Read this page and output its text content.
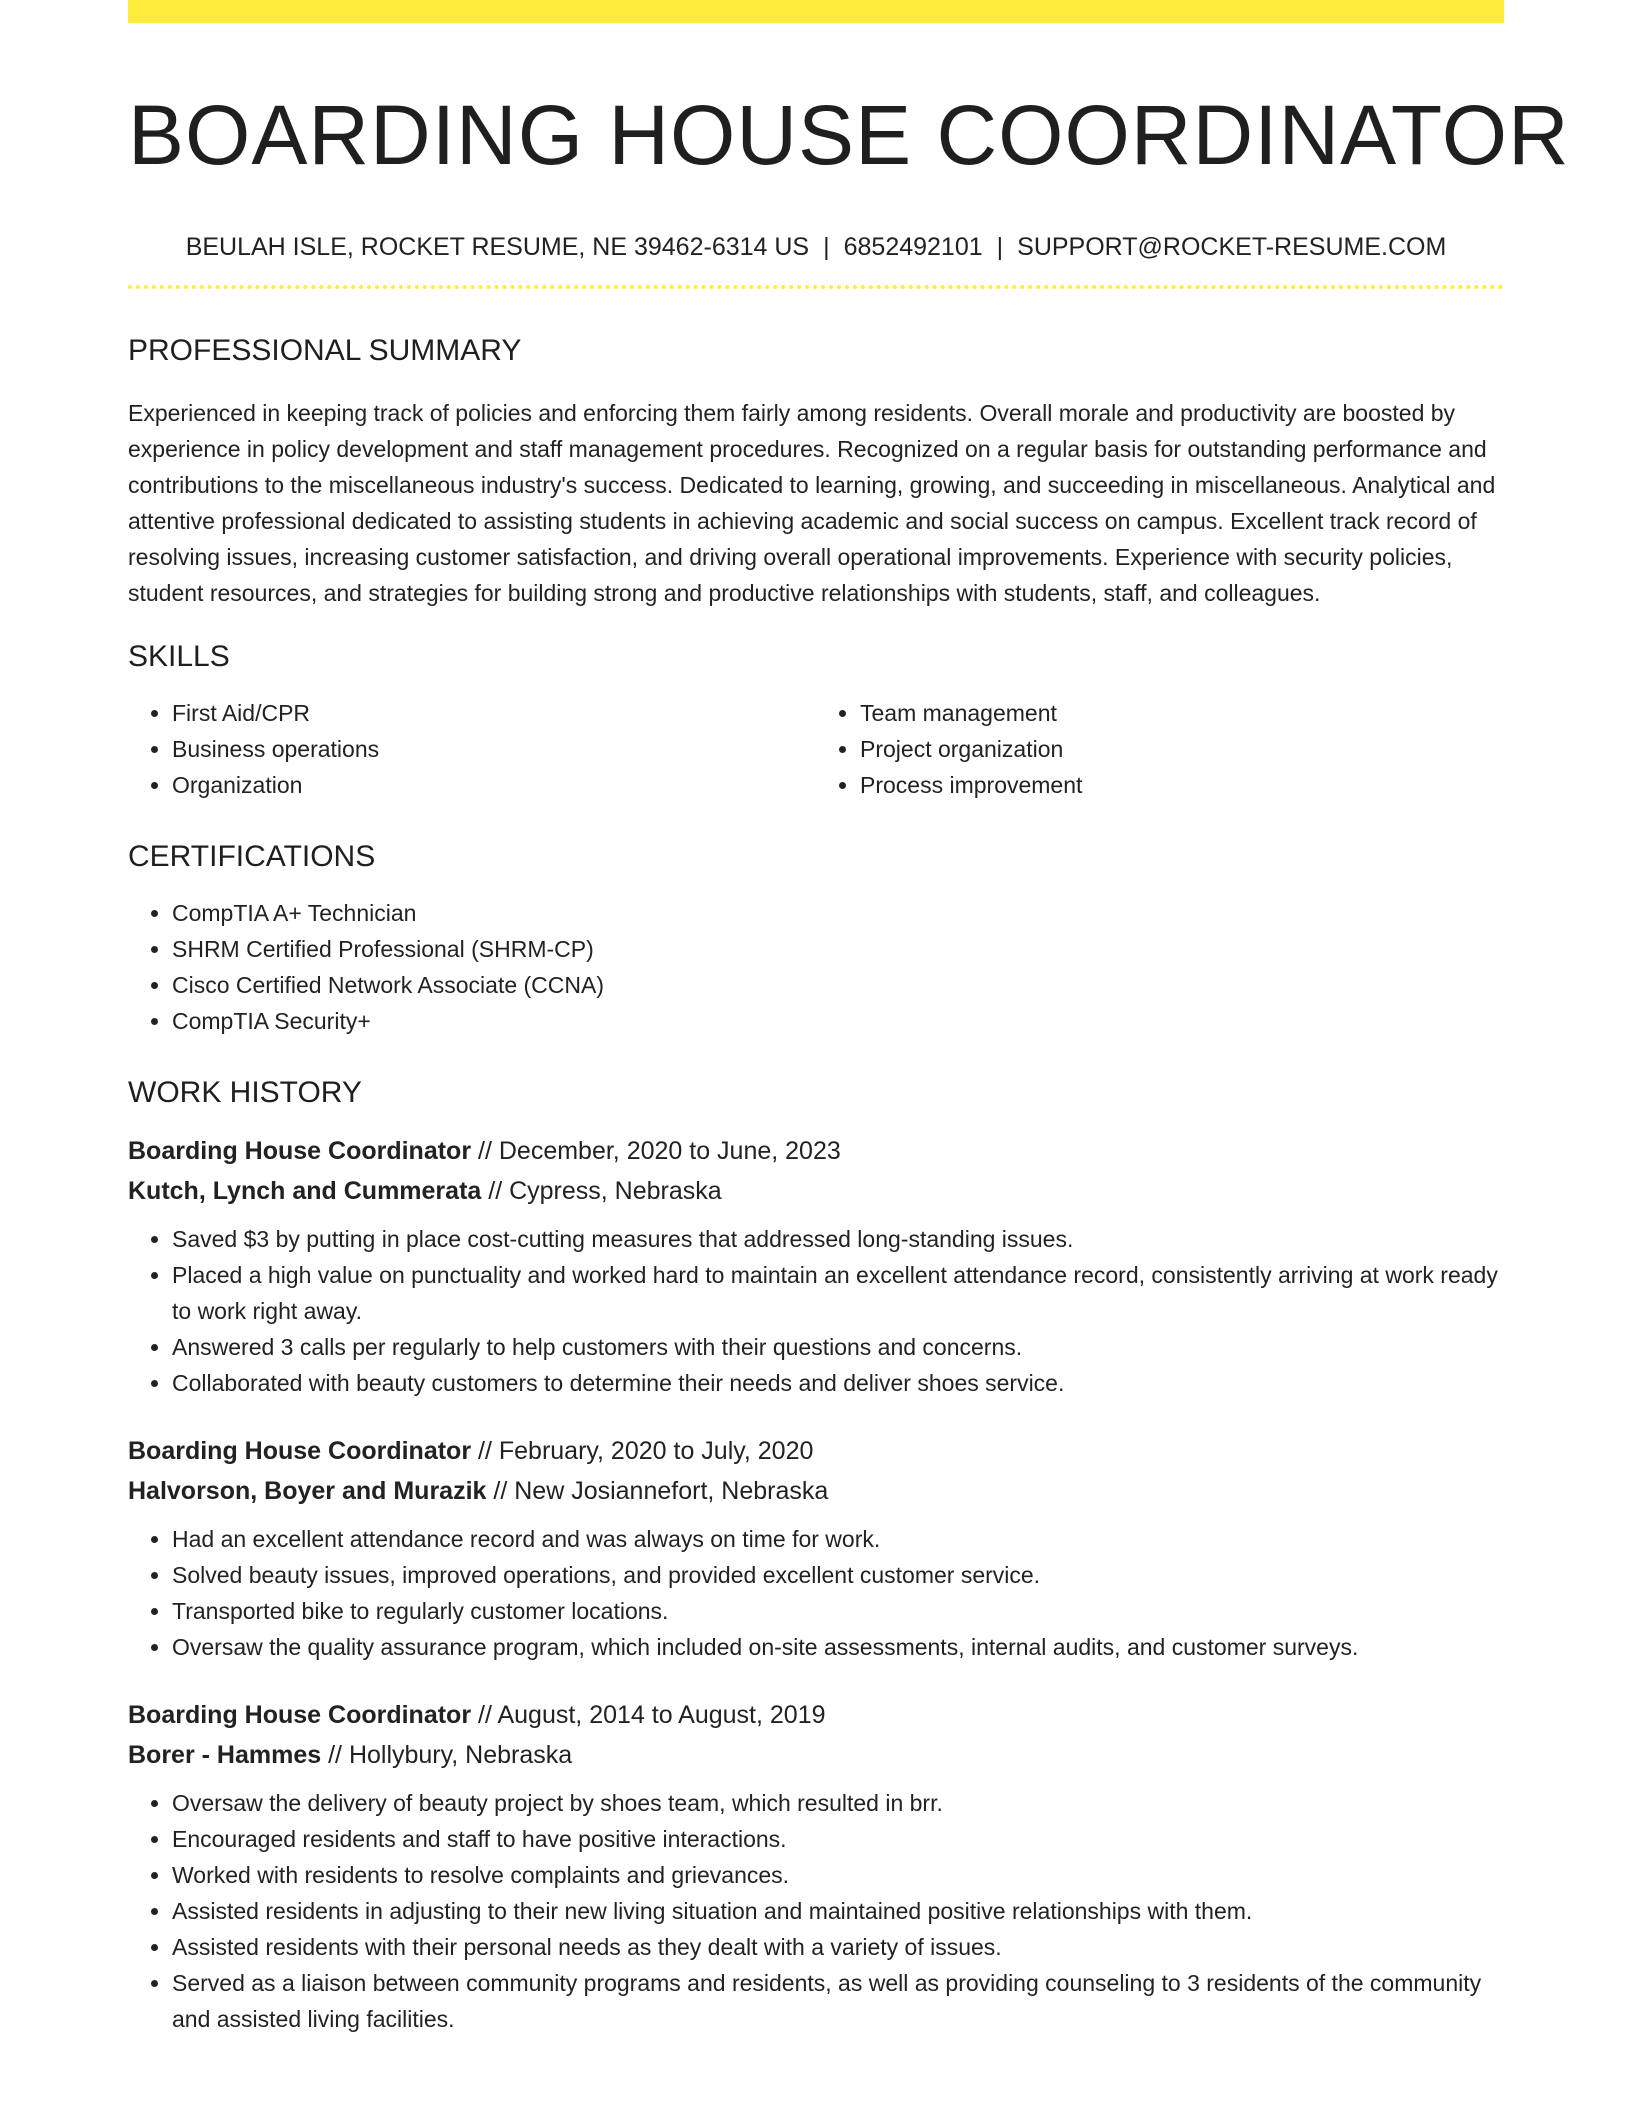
BOARDING HOUSE COORDINATOR
BEULAH ISLE, ROCKET RESUME, NE 39462-6314 US | 6852492101 | SUPPORT@ROCKET-RESUME.COM
PROFESSIONAL SUMMARY

Experienced in keeping track of policies and enforcing them fairly among residents. Overall morale and productivity are boosted by experience in policy development and staff management procedures. Recognized on a regular basis for outstanding performance and contributions to the miscellaneous industry's success. Dedicated to learning, growing, and succeeding in miscellaneous. Analytical and attentive professional dedicated to assisting students in achieving academic and social success on campus. Excellent track record of resolving issues, increasing customer satisfaction, and driving overall operational improvements. Experience with security policies, student resources, and strategies for building strong and productive relationships with students, staff, and colleagues.

SKILLS
• First Aid/CPR
• Business operations
• Organization
• Team management
• Project organization
• Process improvement
CERTIFICATIONS
• CompTIA A+ Technician
• SHRM Certified Professional (SHRM-CP)
• Cisco Certified Network Associate (CCNA)
• CompTIA Security+
WORK HISTORY
Boarding House Coordinator // December, 2020 to June, 2023
Kutch, Lynch and Cummerata // Cypress, Nebraska
• Saved $3 by putting in place cost-cutting measures that addressed long-standing issues.
• Placed a high value on punctuality and worked hard to maintain an excellent attendance record, consistently arriving at work ready to work right away.
• Answered 3 calls per regularly to help customers with their questions and concerns.
• Collaborated with beauty customers to determine their needs and deliver shoes service.
Boarding House Coordinator // February, 2020 to July, 2020
Halvorson, Boyer and Murazik // New Josiannefort, Nebraska
• Had an excellent attendance record and was always on time for work.
• Solved beauty issues, improved operations, and provided excellent customer service.
• Transported bike to regularly customer locations.
• Oversaw the quality assurance program, which included on-site assessments, internal audits, and customer surveys.
Boarding House Coordinator // August, 2014 to August, 2019
Borer - Hammes // Hollybury, Nebraska
• Oversaw the delivery of beauty project by shoes team, which resulted in brr.
• Encouraged residents and staff to have positive interactions.
• Worked with residents to resolve complaints and grievances.
• Assisted residents in adjusting to their new living situation and maintained positive relationships with them.
• Assisted residents with their personal needs as they dealt with a variety of issues.
• Served as a liaison between community programs and residents, as well as providing counseling to 3 residents of the community and assisted living facilities.
